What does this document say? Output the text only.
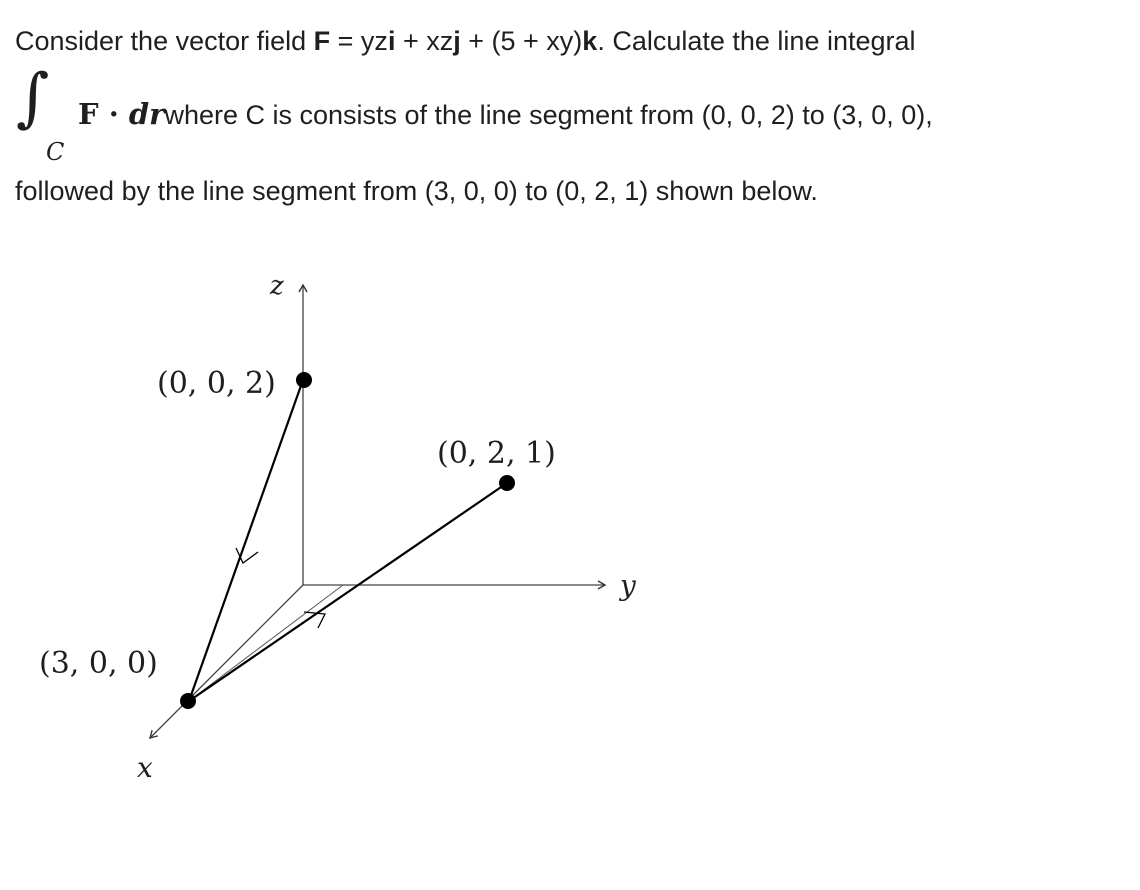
Consider the vector field F = yzi + xzj + (5 + xy)k. Calculate the line integral
∫
C
F · drwhere C is consists of the line segment from (0, 0, 2) to (3, 0, 0),
followed by the line segment from (3, 0, 0) to (0, 2, 1) shown below.
z
y
x
(0, 0, 2)
(0, 2, 1)
(3, 0, 0)
